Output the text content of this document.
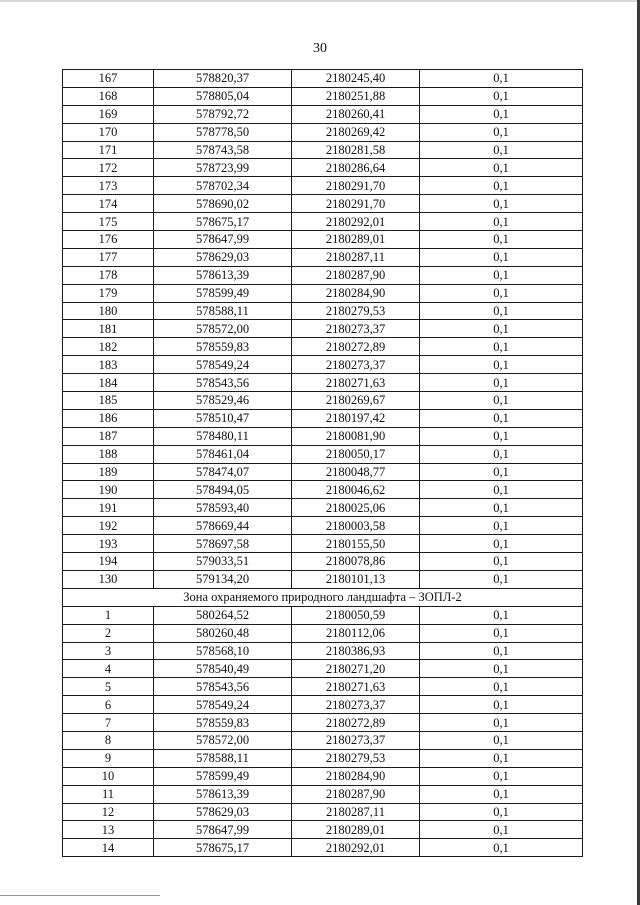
30
167	578820,37	2180245,40	0,1
168	578805,04	2180251,88	0,1
169	578792,72	2180260,41	0,1
170	578778,50	2180269,42	0,1
171	578743,58	2180281,58	0,1
172	578723,99	2180286,64	0,1
173	578702,34	2180291,70	0,1
174	578690,02	2180291,70	0,1
175	578675,17	2180292,01	0,1
176	578647,99	2180289,01	0,1
177	578629,03	2180287,11	0,1
178	578613,39	2180287,90	0,1
179	578599,49	2180284,90	0,1
180	578588,11	2180279,53	0,1
181	578572,00	2180273,37	0,1
182	578559,83	2180272,89	0,1
183	578549,24	2180273,37	0,1
184	578543,56	2180271,63	0,1
185	578529,46	2180269,67	0,1
186	578510,47	2180197,42	0,1
187	578480,11	2180081,90	0,1
188	578461,04	2180050,17	0,1
189	578474,07	2180048,77	0,1
190	578494,05	2180046,62	0,1
191	578593,40	2180025,06	0,1
192	578669,44	2180003,58	0,1
193	578697,58	2180155,50	0,1
194	579033,51	2180078,86	0,1
130	579134,20	2180101,13	0,1
Зона охраняемого природного ландшафта – ЗОПЛ-2			
1	580264,52	2180050,59	0,1
2	580260,48	2180112,06	0,1
3	578568,10	2180386,93	0,1
4	578540,49	2180271,20	0,1
5	578543,56	2180271,63	0,1
6	578549,24	2180273,37	0,1
7	578559,83	2180272,89	0,1
8	578572,00	2180273,37	0,1
9	578588,11	2180279,53	0,1
10	578599,49	2180284,90	0,1
11	578613,39	2180287,90	0,1
12	578629,03	2180287,11	0,1
13	578647,99	2180289,01	0,1
14	578675,17	2180292,01	0,1
